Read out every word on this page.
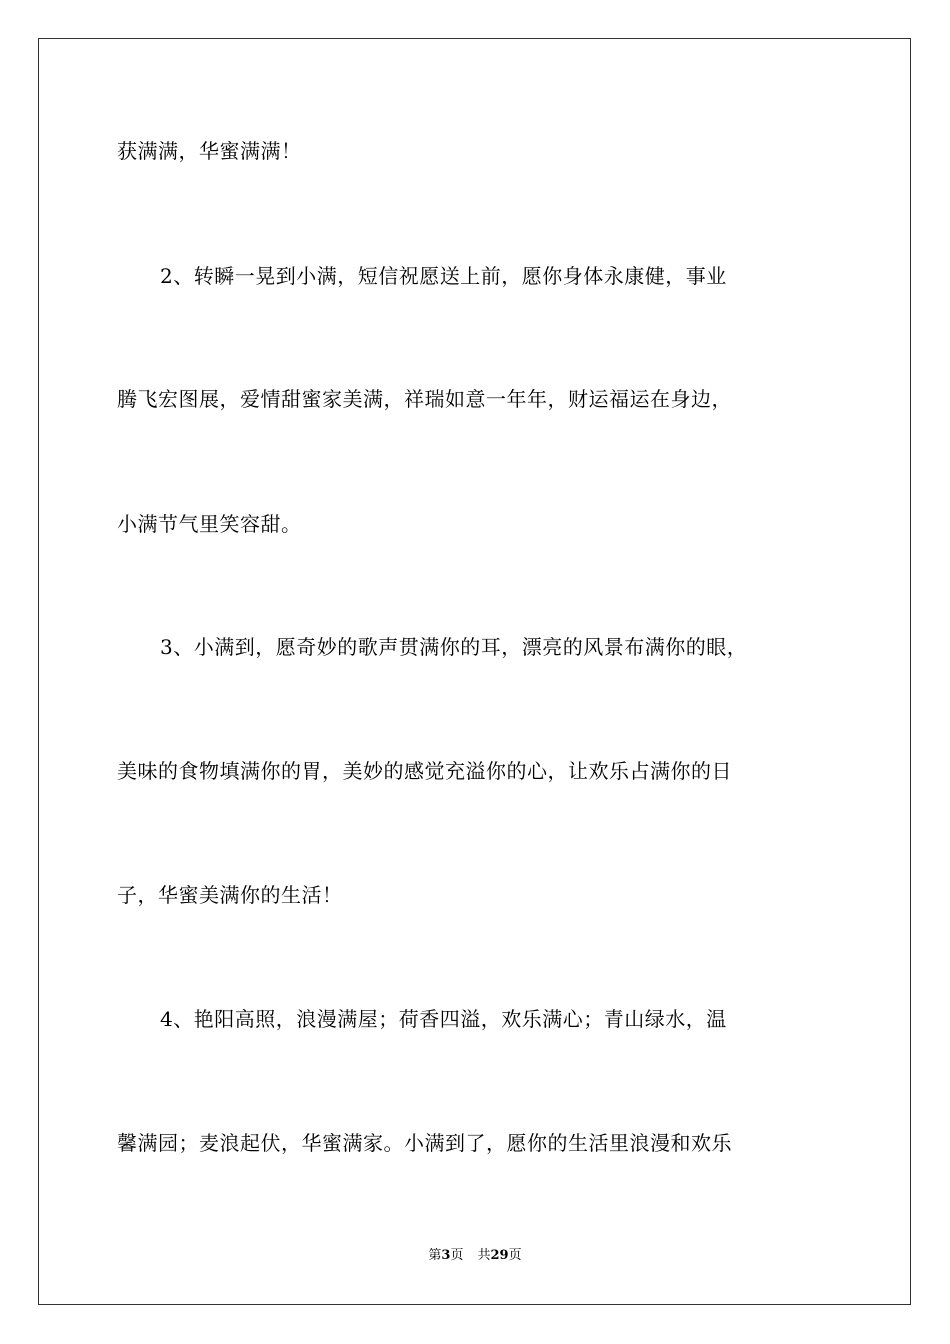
获满满，华蜜满满！
2、转瞬一晃到小满，短信祝愿送上前，愿你身体永康健，事业
腾飞宏图展，爱情甜蜜家美满，祥瑞如意一年年，财运福运在身边，
小满节气里笑容甜。
3、小满到，愿奇妙的歌声贯满你的耳，漂亮的风景布满你的眼，
美味的食物填满你的胃，美妙的感觉充溢你的心，让欢乐占满你的日
子，华蜜美满你的生活！
4、艳阳高照，浪漫满屋；荷香四溢，欢乐满心；青山绿水，温
馨满园；麦浪起伏，华蜜满家。小满到了，愿你的生活里浪漫和欢乐
第3页 共29页
